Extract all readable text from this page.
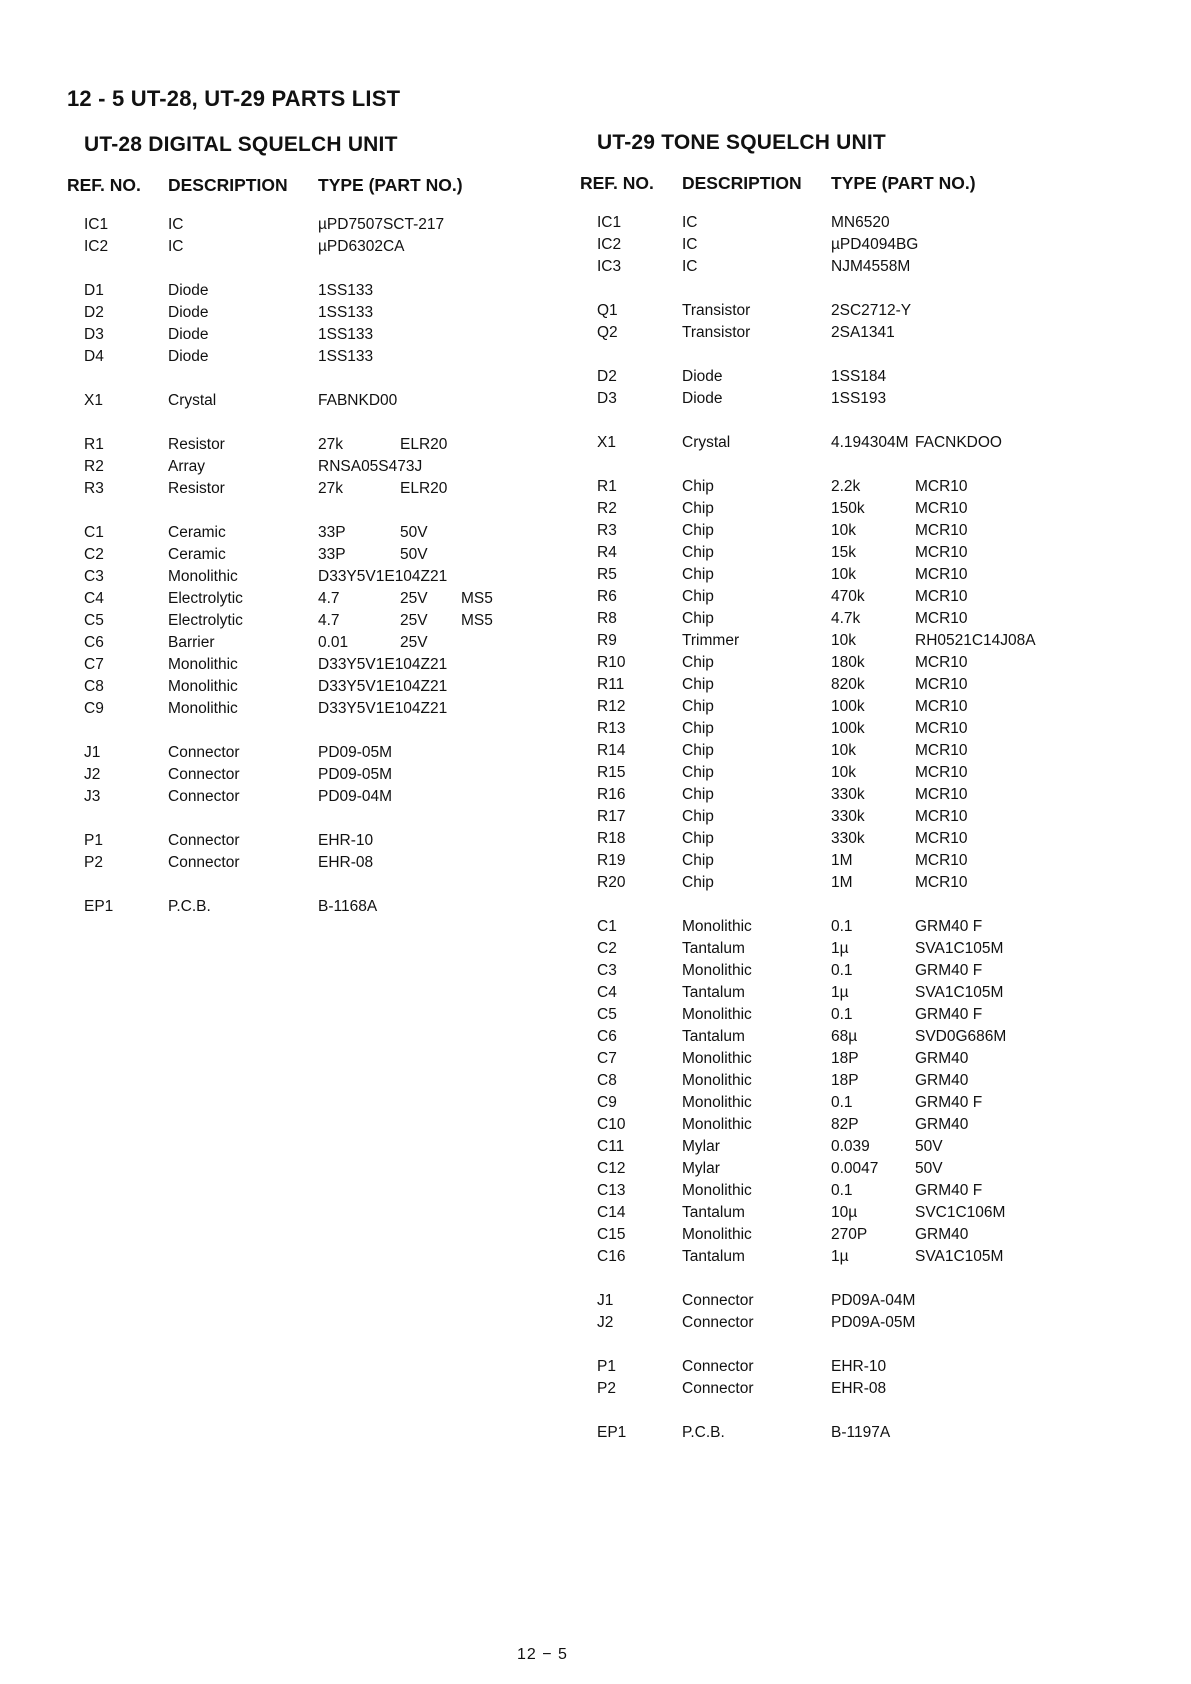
12 - 5 UT-28, UT-29 PARTS LIST
UT-28 DIGITAL SQUELCH UNIT
REF. NO. DESCRIPTION TYPE (PART NO.)
IC1	IC	µPD7507SCT-217
IC2	IC	µPD6302CA
D1	Diode	1SS133
D2	Diode	1SS133
D3	Diode	1SS133
D4	Diode	1SS133
X1	Crystal	FABNKD00
R1	Resistor	27k	ELR20
R2	Array	RNSA05S473J
R3	Resistor	27k	ELR20
C1	Ceramic	33P	50V
C2	Ceramic	33P	50V
C3	Monolithic	D33Y5V1E104Z21
C4	Electrolytic	4.7	25V MS5
C5	Electrolytic	4.7	25V MS5
C6	Barrier	0.01	25V
C7	Monolithic	D33Y5V1E104Z21
C8	Monolithic	D33Y5V1E104Z21
C9	Monolithic	D33Y5V1E104Z21
J1	Connector	PD09-05M
J2	Connector	PD09-05M
J3	Connector	PD09-04M
P1	Connector	EHR-10
P2	Connector	EHR-08
EP1	P.C.B.	B-1168A
UT-29 TONE SQUELCH UNIT
REF. NO. DESCRIPTION TYPE (PART NO.)
IC1	IC	MN6520
IC2	IC	µPD4094BG
IC3	IC	NJM4558M
Q1	Transistor	2SC2712-Y
Q2	Transistor	2SA1341
D2	Diode	1SS184
D3	Diode	1SS193
X1	Crystal	4.194304M FACNKDOO
R1	Chip	2.2k	MCR10
R2	Chip	150k	MCR10
R3	Chip	10k	MCR10
R4	Chip	15k	MCR10
R5	Chip	10k	MCR10
R6	Chip	470k	MCR10
R8	Chip	4.7k	MCR10
R9	Trimmer	10k	RH0521C14J08A
R10	Chip	180k	MCR10
R11	Chip	820k	MCR10
R12	Chip	100k	MCR10
R13	Chip	100k	MCR10
R14	Chip	10k	MCR10
R15	Chip	10k	MCR10
R16	Chip	330k	MCR10
R17	Chip	330k	MCR10
R18	Chip	330k	MCR10
R19	Chip	1M	MCR10
R20	Chip	1M	MCR10
C1	Monolithic	0.1	GRM40 F
C2	Tantalum	1µ	SVA1C105M
C3	Monolithic	0.1	GRM40 F
C4	Tantalum	1µ	SVA1C105M
C5	Monolithic	0.1	GRM40 F
C6	Tantalum	68µ	SVD0G686M
C7	Monolithic	18P	GRM40
C8	Monolithic	18P	GRM40
C9	Monolithic	0.1	GRM40 F
C10	Monolithic	82P	GRM40
C11	Mylar	0.039	50V
C12	Mylar	0.0047 50V
C13	Monolithic	0.1	GRM40 F
C14	Tantalum	10µ	SVC1C106M
C15	Monolithic	270P	GRM40
C16	Tantalum	1µ	SVA1C105M
J1	Connector	PD09A-04M
J2	Connector	PD09A-05M
P1	Connector	EHR-10
P2	Connector	EHR-08
EP1	P.C.B.	B-1197A
12 − 5
